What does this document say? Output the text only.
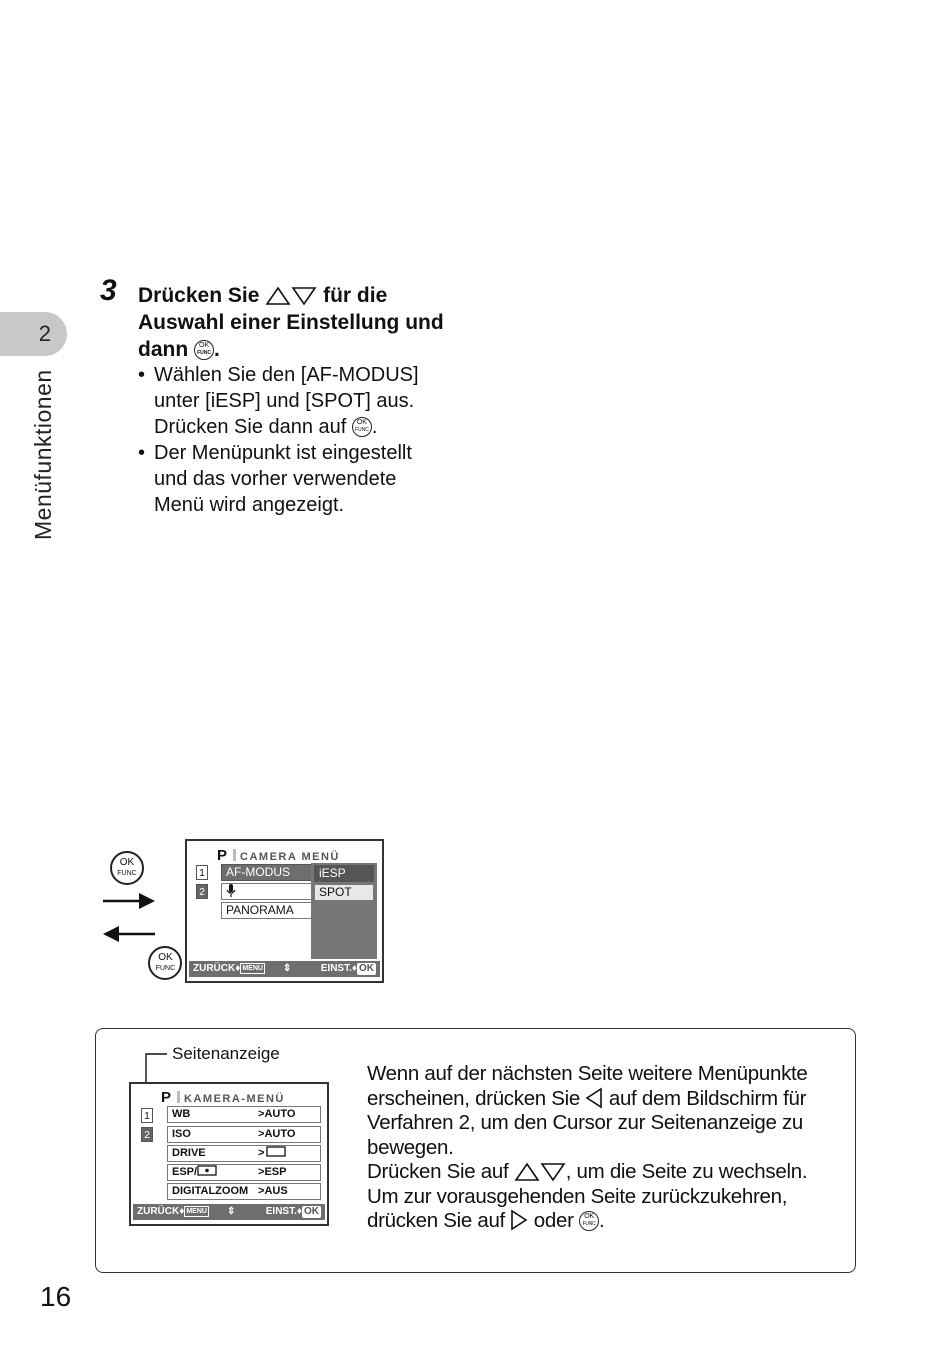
2
Menüfunktionen
3 Drücken Sie	für die Auswahl einer Einstellung und dann	OK
FUNC .
• Wählen Sie den [AF-MODUS] unter [iESP] und [SPOT] aus. Drücken Sie dann auf	OK
FUNC .
• Der Menüpunkt ist eingestellt und das vorher verwendete Menü wird angezeigt.
OK
FUNC

OK
FUNC
P CAMERA MENÜ
1
2
AF-MODUS
PANORAMA
iESP
SPOT
ZURÜCK♦ MENU ⇕	EINST.♦ OK
Seitenanzeige
P KAMERA-MENÜ
1
2
WB	>AUTO
ISO	>AUTO
DRIVE	>
ESP/	>ESP
DIGITALZOOM >AUS
ZURÜCK♦ MENU ⇕	EINST.♦ OK

Wenn auf der nächsten Seite weitere Menüpunkte erscheinen, drücken Sie auf dem Bildschirm für Verfahren 2, um den Cursor zur Seitenanzeige zu bewegen.

Drücken Sie auf	, um die Seite zu wechseln.

Um zur vorausgehenden Seite zurückzukehren, drücken Sie auf oder	OK
FUNC .

16
